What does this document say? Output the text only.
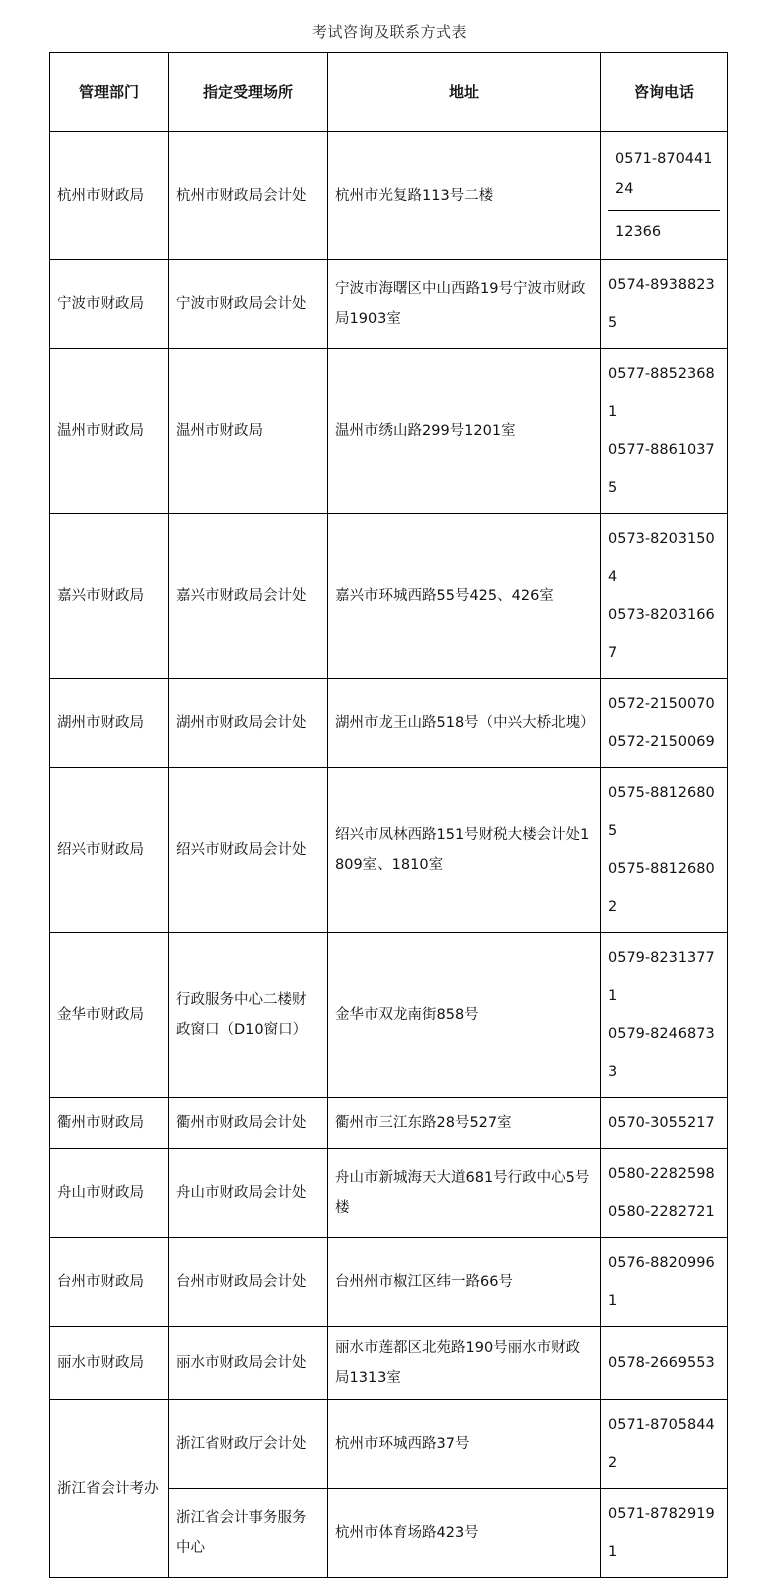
考试咨询及联系方式表
管理部门	指定受理场所	地址	咨询电话
杭州市财政局	杭州市财政局会计处	杭州市光复路113号二楼	0571-87044124
12366

宁波市财政局	宁波市财政局会计处	宁波市海曙区中山西路19号宁波市财政局1903室	0574-89388235

温州市财政局	温州市财政局	温州市绣山路299号1201室	0577-88523681
0577-88610375

嘉兴市财政局	嘉兴市财政局会计处	嘉兴市环城西路55号425、426室	0573-82031504
0573-82031667

湖州市财政局	湖州市财政局会计处	湖州市龙王山路518号（中兴大桥北塊）	0572-2150070
0572-2150069

绍兴市财政局	绍兴市财政局会计处	绍兴市凤林西路151号财税大楼会计处1809室、1810室	0575-88126805
0575-88126802

金华市财政局	行政服务中心二楼财政窗口（D10窗口）	金华市双龙南街858号	0579-82313771
0579-82468733

衢州市财政局	衢州市财政局会计处	衢州市三江东路28号527室	0570-3055217

舟山市财政局	舟山市财政局会计处	舟山市新城海天大道681号行政中心5号楼	0580-2282598
0580-2282721

台州市财政局	台州市财政局会计处	台州州市椒江区纬一路66号	0576-88209961

丽水市财政局	丽水市财政局会计处	丽水市莲都区北苑路190号丽水市财政局1313室	0578-2669553

浙江省会计考办	浙江省财政厅会计处	杭州市环城西路37号	0571-87058442

	浙江省会计事务服务中心	杭州市体育场路423号	0571-87829191
